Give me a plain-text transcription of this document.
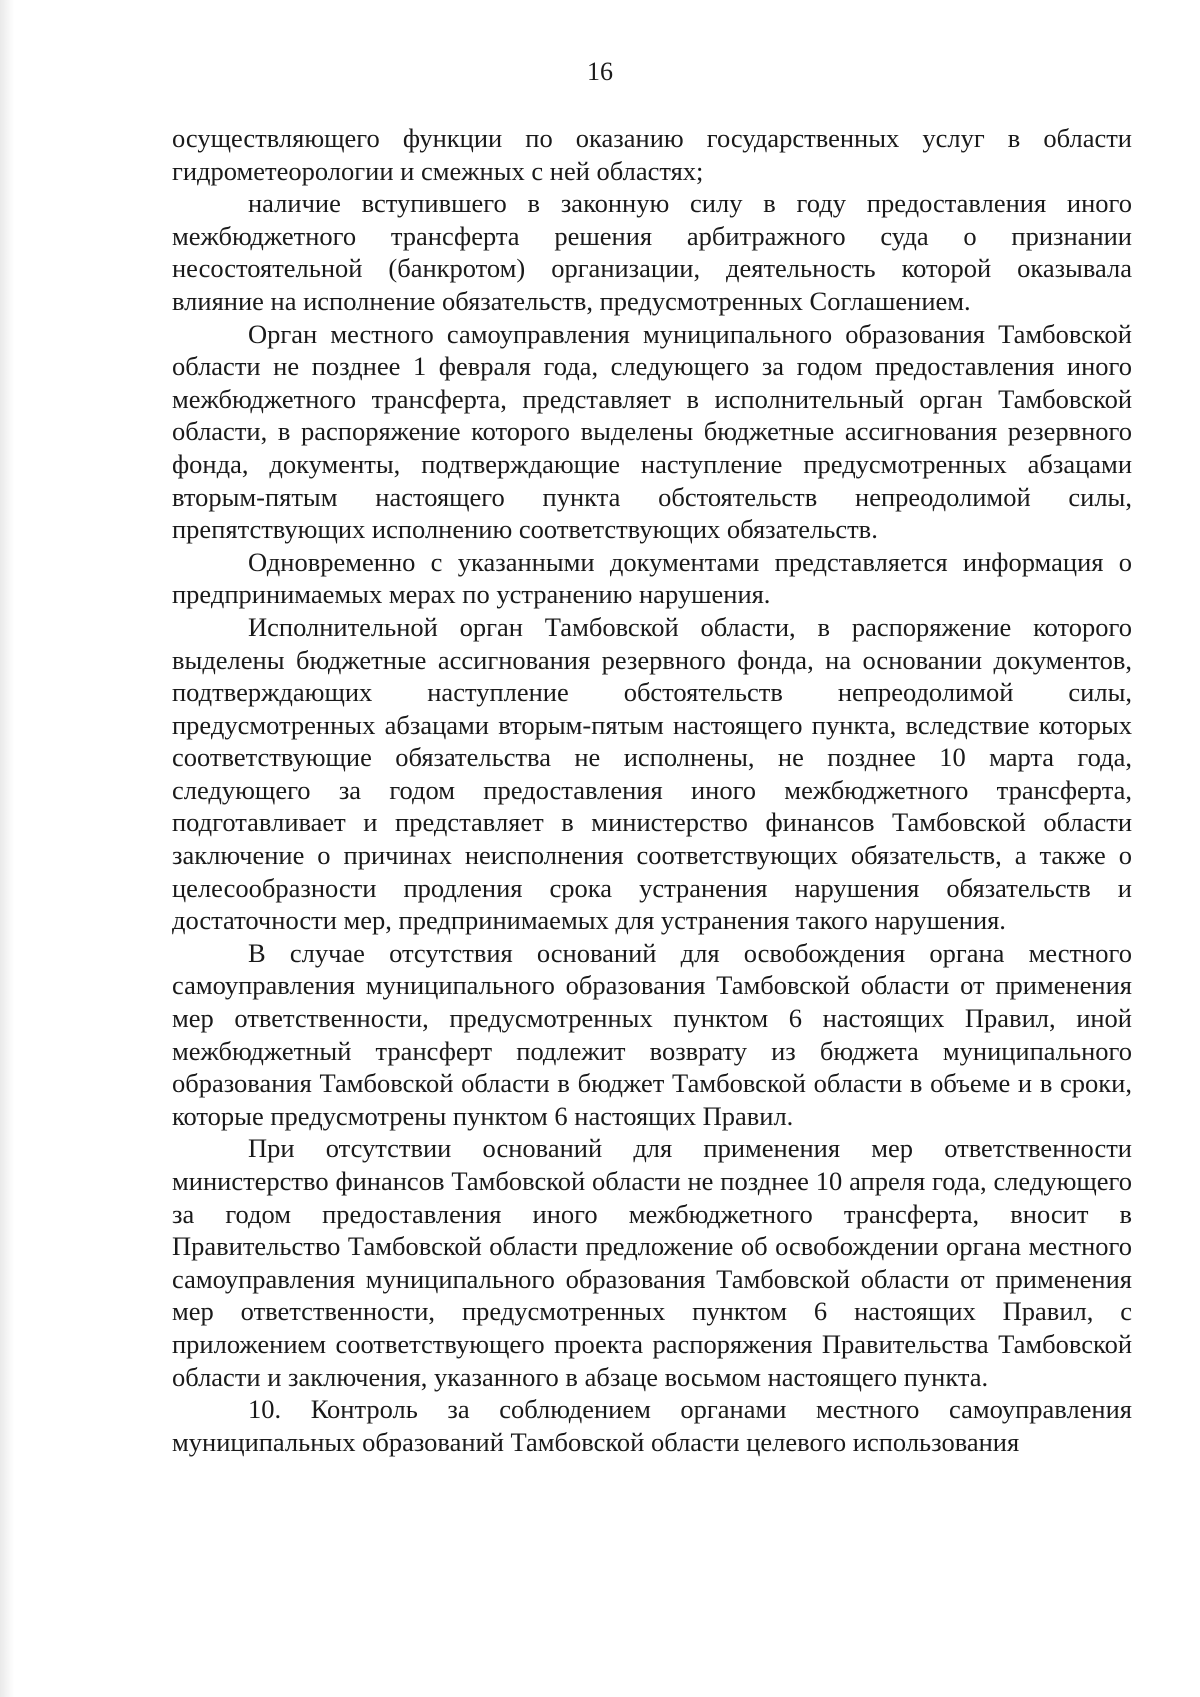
16

осуществляющего функции по оказанию государственных услуг в области гидрометеорологии и смежных с ней областях;

наличие вступившего в законную силу в году предоставления иного межбюджетного трансферта решения арбитражного суда о признании несостоятельной (банкротом) организации, деятельность которой оказывала влияние на исполнение обязательств, предусмотренных Соглашением.

Орган местного самоуправления муниципального образования Тамбовской области не позднее 1 февраля года, следующего за годом предоставления иного межбюджетного трансферта, представляет в исполнительный орган Тамбовской области, в распоряжение которого выделены бюджетные ассигнования резервного фонда, документы, подтверждающие наступление предусмотренных абзацами вторым-пятым настоящего пункта обстоятельств непреодолимой силы, препятствующих исполнению соответствующих обязательств.

Одновременно с указанными документами представляется информация о предпринимаемых мерах по устранению нарушения.

Исполнительной орган Тамбовской области, в распоряжение которого выделены бюджетные ассигнования резервного фонда, на основании документов, подтверждающих наступление обстоятельств непреодолимой силы, предусмотренных абзацами вторым-пятым настоящего пункта, вследствие которых соответствующие обязательства не исполнены, не позднее 10 марта года, следующего за годом предоставления иного межбюджетного трансферта, подготавливает и представляет в министерство финансов Тамбовской области заключение о причинах неисполнения соответствующих обязательств, а также о целесообразности продления срока устранения нарушения обязательств и достаточности мер, предпринимаемых для устранения такого нарушения.

В случае отсутствия оснований для освобождения органа местного самоуправления муниципального образования Тамбовской области от применения мер ответственности, предусмотренных пунктом 6 настоящих Правил, иной межбюджетный трансферт подлежит возврату из бюджета муниципального образования Тамбовской области в бюджет Тамбовской области в объеме и в сроки, которые предусмотрены пунктом 6 настоящих Правил.

При отсутствии оснований для применения мер ответственности министерство финансов Тамбовской области не позднее 10 апреля года, следующего за годом предоставления иного межбюджетного трансферта, вносит в Правительство Тамбовской области предложение об освобождении органа местного самоуправления муниципального образования Тамбовской области от применения мер ответственности, предусмотренных пунктом 6 настоящих Правил, с приложением соответствующего проекта распоряжения Правительства Тамбовской области и заключения, указанного в абзаце восьмом настоящего пункта.

10. Контроль за соблюдением органами местного самоуправления муниципальных образований Тамбовской области целевого использования
